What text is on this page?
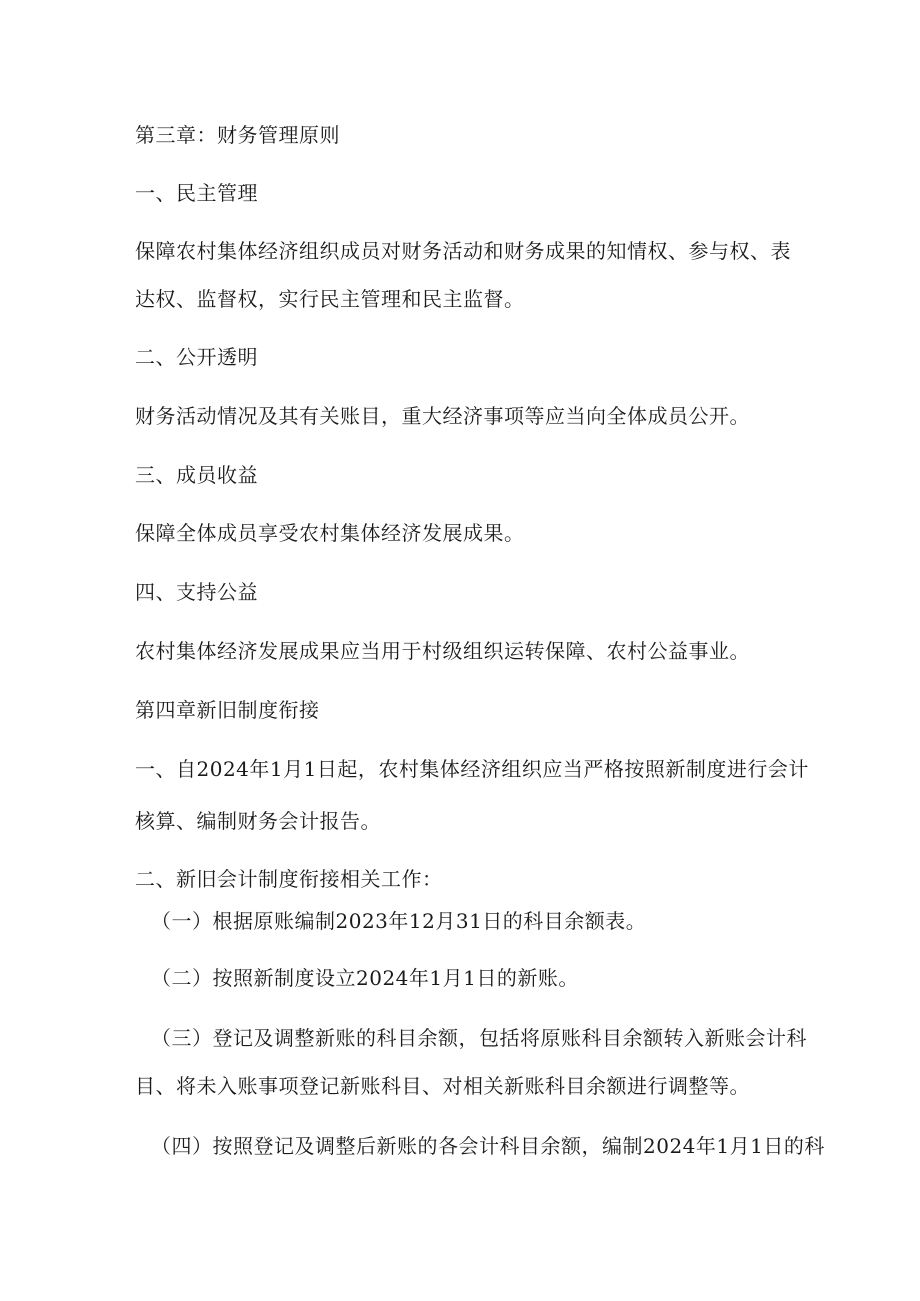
第三章：财务管理原则
一、民主管理
保障农村集体经济组织成员对财务活动和财务成果的知情权、参与权、表
达权、监督权，实行民主管理和民主监督。
二、公开透明
财务活动情况及其有关账目，重大经济事项等应当向全体成员公开。
三、成员收益
保障全体成员享受农村集体经济发展成果。
四、支持公益
农村集体经济发展成果应当用于村级组织运转保障、农村公益事业。
第四章新旧制度衔接
一、自2024年1月1日起，农村集体经济组织应当严格按照新制度进行会计
核算、编制财务会计报告。
二、新旧会计制度衔接相关工作：
（一）根据原账编制2023年12月31日的科目余额表。
（二）按照新制度设立2024年1月1日的新账。
（三）登记及调整新账的科目余额，包括将原账科目余额转入新账会计科
目、将未入账事项登记新账科目、对相关新账科目余额进行调整等。
（四）按照登记及调整后新账的各会计科目余额，编制2024年1月1日的科
